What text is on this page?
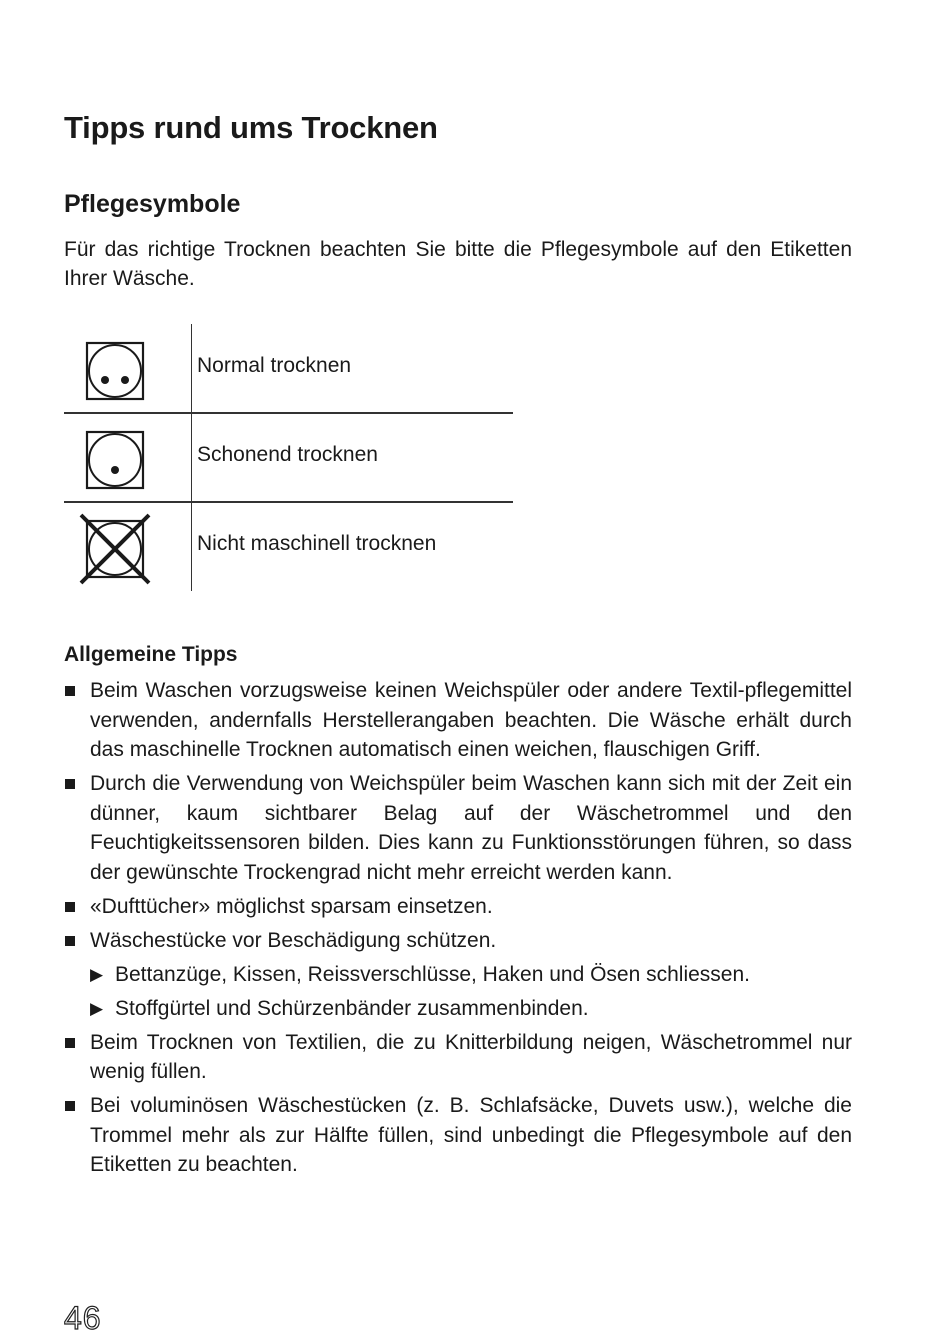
Tipps rund ums Trocknen
Pflegesymbole

Für das richtige Trocknen beachten Sie bitte die Pflegesymbole auf den Etiketten Ihrer Wäsche.

Normal trocknen
Schonend trocknen
Nicht maschinell trocknen
Allgemeine Tipps
Beim Waschen vorzugsweise keinen Weichspüler oder andere Textil-pflegemittel verwenden, andernfalls Herstellerangaben beachten. Die Wäsche erhält durch das maschinelle Trocknen automatisch einen weichen, flauschigen Griff.
Durch die Verwendung von Weichspüler beim Waschen kann sich mit der Zeit ein dünner, kaum sichtbarer Belag auf der Wäschetrommel und den Feuchtigkeitssensoren bilden. Dies kann zu Funktionsstörungen führen, so dass der gewünschte Trockengrad nicht mehr erreicht werden kann.
«Dufttücher» möglichst sparsam einsetzen.
Wäschestücke vor Beschädigung schützen.
▶ Bettanzüge, Kissen, Reissverschlüsse, Haken und Ösen schliessen.
▶ Stoffgürtel und Schürzenbänder zusammenbinden.
Beim Trocknen von Textilien, die zu Knitterbildung neigen, Wäschetrommel nur wenig füllen.
Bei voluminösen Wäschestücken (z. B. Schlafsäcke, Duvets usw.), welche die Trommel mehr als zur Hälfte füllen, sind unbedingt die Pflegesymbole auf den Etiketten zu beachten.
46
